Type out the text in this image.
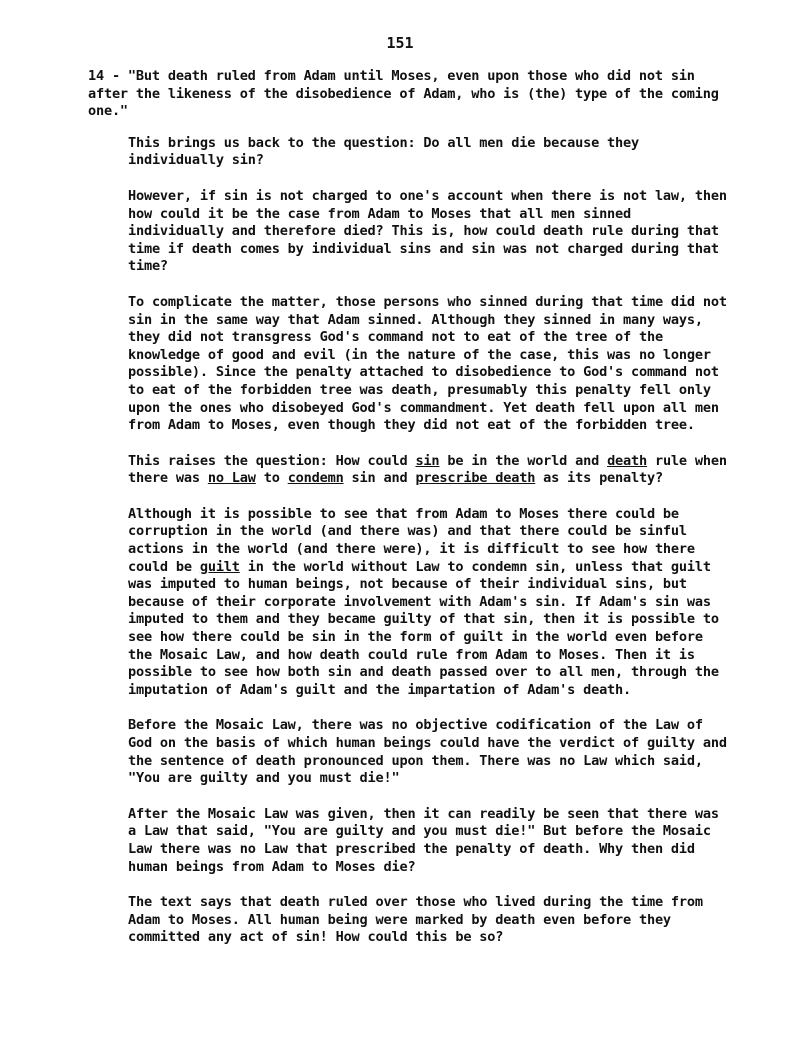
151

14 - "But death ruled from Adam until Moses, even upon those who did not sin after the likeness of the disobedience of Adam, who is (the) type of the coming one."

This brings us back to the question: Do all men die because they individually sin?

However, if sin is not charged to one's account when there is not law, then how could it be the case from Adam to Moses that all men sinned individually and therefore died? This is, how could death rule during that time if death comes by individual sins and sin was not charged during that time?

To complicate the matter, those persons who sinned during that time did not sin in the same way that Adam sinned. Although they sinned in many ways, they did not transgress God's command not to eat of the tree of the knowledge of good and evil (in the nature of the case, this was no longer possible). Since the penalty attached to disobedience to God's command not to eat of the forbidden tree was death, presumably this penalty fell only upon the ones who disobeyed God's commandment. Yet death fell upon all men from Adam to Moses, even though they did not eat of the forbidden tree.

This raises the question: How could sin be in the world and death rule when there was no Law to condemn sin and prescribe death as its penalty?

Although it is possible to see that from Adam to Moses there could be corruption in the world (and there was) and that there could be sinful actions in the world (and there were), it is difficult to see how there could be guilt in the world without Law to condemn sin, unless that guilt was imputed to human beings, not because of their individual sins, but because of their corporate involvement with Adam's sin. If Adam's sin was imputed to them and they became guilty of that sin, then it is possible to see how there could be sin in the form of guilt in the world even before the Mosaic Law, and how death could rule from Adam to Moses. Then it is possible to see how both sin and death passed over to all men, through the imputation of Adam's guilt and the impartation of Adam's death.

Before the Mosaic Law, there was no objective codification of the Law of God on the basis of which human beings could have the verdict of guilty and the sentence of death pronounced upon them. There was no Law which said, "You are guilty and you must die!"

After the Mosaic Law was given, then it can readily be seen that there was a Law that said, "You are guilty and you must die!" But before the Mosaic Law there was no Law that prescribed the penalty of death. Why then did human beings from Adam to Moses die?

The text says that death ruled over those who lived during the time from Adam to Moses. All human being were marked by death even before they committed any act of sin! How could this be so?
